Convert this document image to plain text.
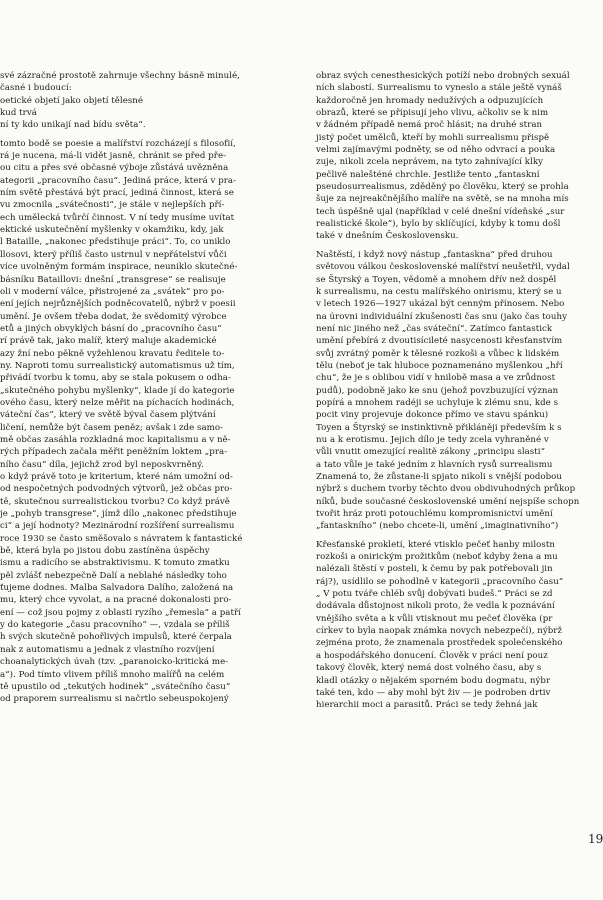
své zázračné prostotě zahrnuje všechny básně minulé,
časné i budoucí:
oetické objetí jako objetí tělesné
kud trvá
ní ty kdo unikají nad bídu světa“.
tomto bodě se poesie a malířství rozcházejí s filosofií,
rá je nucena, má-li vidět jasně, chránit se před pře-
ou citu a přes své občasné výboje zůstává uvězněna
ategorii „pracovního času“. Jediná práce, která v pra-
ním světě přestává být prací, jediná činnost, která se
vu zmocnila „svátečnosti“, je stále v nejlepších pří-
ech umělecká tvůrčí činnost. V ní tedy musíme uvítat
ektické uskutečnění myšlenky v okamžiku, kdy, jak
l Bataille, „nakonec předstihuje práci“. To, co uniklo
llosovi, který příliš často ustrnul v nepřátelství vůči
více uvolněným formám inspirace, neuniklo skutečné-
básníku Bataillovi: dnešní „transgrese“ se realisuje
oli v moderní válce, přistrojené za „svátek“ pro po-
ení jejích nejrůznějších podněcovatelů, nýbrž v poesii
umění. Je ovšem třeba dodat, že svědomitý výrobce
etů a jiných obvyklých básní do „pracovního času“
rí právě tak, jako malíř, který maluje akademické
azy žní nebo pěkně vyžehlenou kravatu ředitele to-
ny. Naproti tomu surrealistický automatismus už tím,
přivádí tvorbu k tomu, aby se stala pokusem o odha-
„skutečného pohybu myšlenky“, klade jí do kategorie
ového času, který nelze měřit na píchacích hodinách,
váteční čas“, který ve světě býval časem plýtvání
ličení, nemůže být časem peněz; avšak i zde samo-
mě občas zasáhla rozkladná moc kapitalismu a v ně-
rých případech začala měřit peněžním loktem „pra-
ního času“ díla, jejichž zrod byl neposkvrněný.
o když právě toto je kriterium, které nám umožní od-
od nespočetných podvodných výtvorů, jež občas pro-
tě, skutečnou surrealistickou tvorbu? Co když právě
je „pohyb transgrese“, jímž dílo „nakonec předstihuje
ci“ a její hodnoty? Mezinárodní rozšíření surrealismu
roce 1930 se často směšovalo s návratem k fantastické
bě, která byla po jistou dobu zastíněna úspěchy
ismu a radicího se abstraktivismu. K tomuto zmatku
pěl zvlášť nebezpečně Dalí a neblahé následky toho
ťujeme dodnes. Malba Salvadora Dalího, založená na
mu, který chce vyvolat, a na pracné dokonalosti pro-
ení — což jsou pojmy z oblasti ryzího „řemesla“ a patří
y do kategorie „času pracovního“ —, vzdala se příliš
h svých skutečně pohořlivých impulsů, které čerpala
nak z automatismu a jednak z vlastního rozvíjení
choanalytických úvah (tzv. „paranoicko-kritická me-
a“). Pod tímto vlivem příliš mnoho malířů na celém
tě upustilo od „tekutých hodinek“ „svátečního času“
od praporem surrealismu si načrtlo sebeuspokojený
obraz svých cenesthesických potíží nebo drobných sexuál
ních slabostí. Surrealismu to vyneslo a stále ještě vynáš
každoročně jen hromady nedužívých a odpuzujících
obrazů, které se připisují jeho vlivu, ačkoliv se k nim
v žádném případě nemá proč hlásit; na druhé stran
jistý počet umělců, kteří by mohli surrealismu přispě
velmi zajímavými podněty, se od něho odvrací a pouka
zuje, nikoli zcela neprávem, na tyto zahnívající klky
pečlivě nalešténé chrchle. Jestliže tento „fantaskní
pseudosurrealismus, zděděný po člověku, který se prohla
šuje za nejreakčnějšího malíře na světě, se na mnoha mís
tech úspěšně ujal (například v celé dnešní vídeňské „sur
realistické škole“), bylo by sklíčující, kdyby k tomu došl
také v dnešním Československu.
Naštěstí, i když nový nástup „fantaskna“ před druhou
světovou válkou československé malířství neušetřil, vydal
se Štyrský a Toyen, vědomě a mnohem dřív než dospěl
k surrealismu, na cestu malířského onirismu, který se u
v letech 1926—1927 ukázal být cenným přínosem. Nebo
na úrovni individuální zkušenosti čas snu (jako čas touhy
není nic jiného než „čas sváteční“. Zatímco fantastick
umění přebírá z dvoutisícileté nasycenosti křesťanstvím
svůj zvrátný poměr k tělesné rozkoši a vůbec k lidském
tělu (neboť je tak hluboce poznamenáno myšlenkou „hří
chu“, že je s oblibou vidí v hnilobě masa a ve zrůdnost
pudů), podobně jako ke snu (jehož povzbuzující význan
popírá a mnohem radéji se uchyluje k zlému snu, kde s
pocit viny projevuje dokonce přímo ve stavu spánku)
Toyen a Štyrský se instinktivně přikláněji především k s
nu a k erotismu. Jejich dílo je tedy zcela vyhraněné v
vůli vnutit omezující realitě zákony „principu slasti“
a tato vůle je také jedním z hlavních rysů surrealismu
Znamená to, že zůstane-li spjato nikoli s vnější podobou
nýbrž s duchem tvorby těchto dvou obdivuhodných průkop
níků, bude současné československé umění nejspíše schopn
tvořit hráz proti potouchlému kompromisnictví umění
„fantaskního“ (nebo chcete-li, umění „imaginativního“)
Křesťanské prokletí, které vtisklo pečeť hanby milostn
rozkoši a onirickým prožitkům (neboť kdyby žena a mu
nalézali štěstí v posteli, k čemu by pak potřebovali jin
ráj?), usídlilo se pohodlně v kategorii „pracovního času“
„ V potu tváře chléb svůj dobývati budeš.“ Práci se zd
dodávala důstojnost nikoli proto, že vedla k poznávání
vnějšího světa a k vůli vtisknout mu pečeť člověka (pr
církev to byla naopak známka novych nebezpečí), nýbrž
zejména proto, že znamenala prostředek společenského
a hospodářského donucení. Člověk v práci není pouz
takový člověk, který nemá dost volného času, aby s
kladl otázky o nějakém sporném bodu dogmatu, nýbr
také ten, kdo — aby mohl být živ — je podroben drtiv
hierarchii moci a parasitů. Práci se tedy žehná jak
19
